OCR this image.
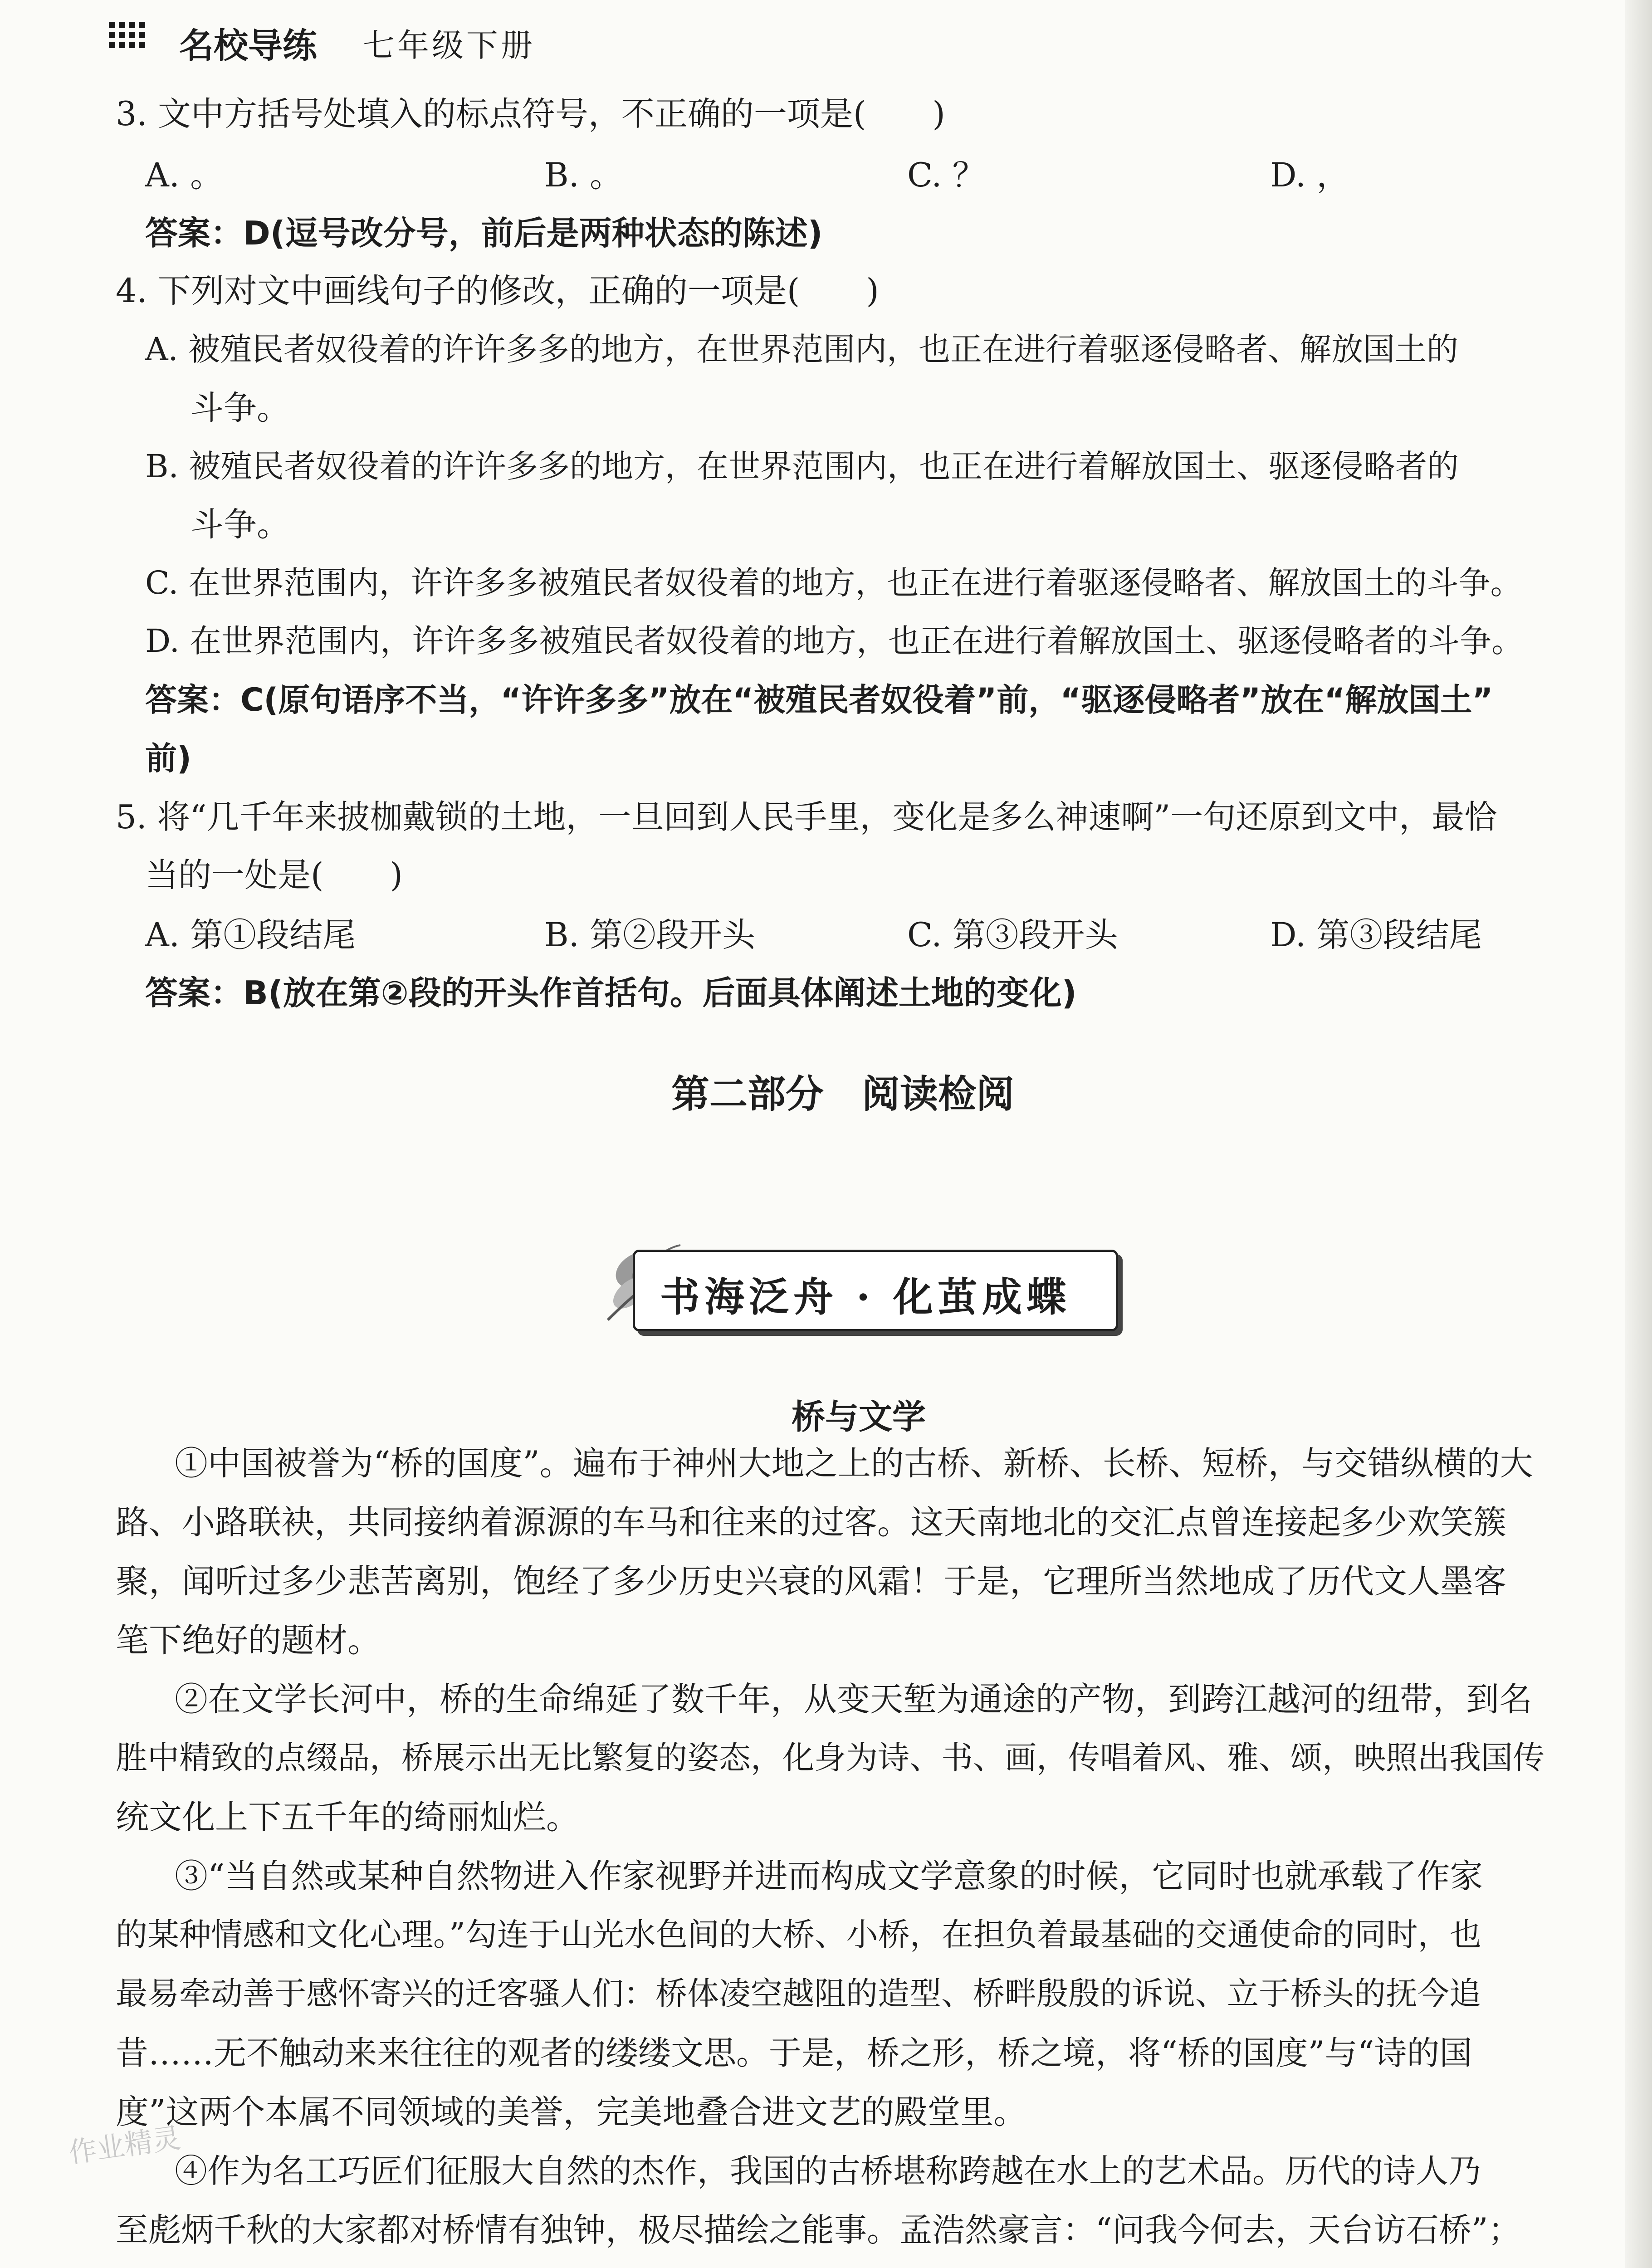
名校导练 七年级下册
3. 文中方括号处填入的标点符号，不正确的一项是(　　)
A. 。	B. 。	C. ？	D. ，
答案：D(逗号改分号，前后是两种状态的陈述)
4. 下列对文中画线句子的修改，正确的一项是(　　)
A. 被殖民者奴役着的许许多多的地方，在世界范围内，也正在进行着驱逐侵略者、解放国土的
斗争。
B. 被殖民者奴役着的许许多多的地方，在世界范围内，也正在进行着解放国土、驱逐侵略者的
斗争。
C. 在世界范围内，许许多多被殖民者奴役着的地方，也正在进行着驱逐侵略者、解放国土的斗争。
D. 在世界范围内，许许多多被殖民者奴役着的地方，也正在进行着解放国土、驱逐侵略者的斗争。
答案：C(原句语序不当，“许许多多”放在“被殖民者奴役着”前，“驱逐侵略者”放在“解放国土”
前)
5. 将“几千年来披枷戴锁的土地，一旦回到人民手里，变化是多么神速啊”一句还原到文中，最恰
当的一处是(　　)
A. 第①段结尾	B. 第②段开头	C. 第③段开头	D. 第③段结尾
答案：B(放在第②段的开头作首括句。后面具体阐述土地的变化)
第二部分　阅读检阅
书海泛舟 · 化茧成蝶
桥与文学
①中国被誉为“桥的国度”。遍布于神州大地之上的古桥、新桥、长桥、短桥，与交错纵横的大
路、小路联袂，共同接纳着源源的车马和往来的过客。这天南地北的交汇点曾连接起多少欢笑簇
聚，闻听过多少悲苦离别，饱经了多少历史兴衰的风霜！于是，它理所当然地成了历代文人墨客
笔下绝好的题材。
②在文学长河中，桥的生命绵延了数千年，从变天堑为通途的产物，到跨江越河的纽带，到名
胜中精致的点缀品，桥展示出无比繁复的姿态，化身为诗、书、画，传唱着风、雅、颂，映照出我国传
统文化上下五千年的绮丽灿烂。
③“当自然或某种自然物进入作家视野并进而构成文学意象的时候，它同时也就承载了作家
的某种情感和文化心理。”勾连于山光水色间的大桥、小桥，在担负着最基础的交通使命的同时，也
最易牵动善于感怀寄兴的迁客骚人们：桥体凌空越阻的造型、桥畔殷殷的诉说、立于桥头的抚今追
昔……无不触动来来往往的观者的缕缕文思。于是，桥之形，桥之境，将“桥的国度”与“诗的国
度”这两个本属不同领域的美誉，完美地叠合进文艺的殿堂里。
④作为名工巧匠们征服大自然的杰作，我国的古桥堪称跨越在水上的艺术品。历代的诗人乃
至彪炳千秋的大家都对桥情有独钟，极尽描绘之能事。孟浩然豪言：“问我今何去，天台访石桥”；
作业精灵
